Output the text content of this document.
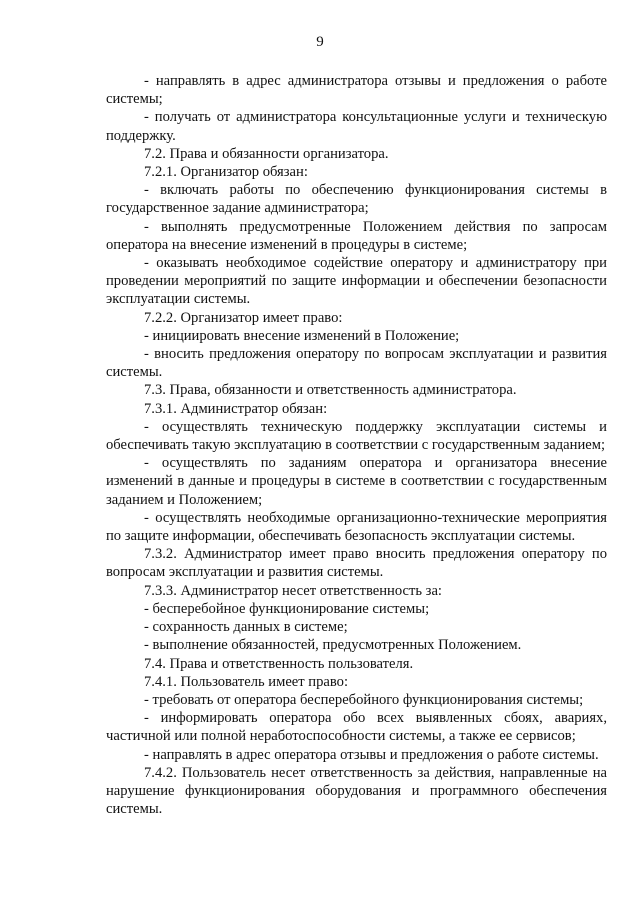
9

- направлять в адрес администратора отзывы и предложения о работе системы;

- получать от администратора консультационные услуги и техническую поддержку.

7.2. Права и обязанности организатора.

7.2.1. Организатор обязан:

- включать работы по обеспечению функционирования системы в государственное задание администратора;

- выполнять предусмотренные Положением действия по запросам оператора на внесение изменений в процедуры в системе;

- оказывать необходимое содействие оператору и администратору при проведении мероприятий по защите информации и обеспечении безопасности эксплуатации системы.

7.2.2. Организатор имеет право:

- инициировать внесение изменений в Положение;

- вносить предложения оператору по вопросам эксплуатации и развития системы.

7.3. Права, обязанности и ответственность администратора.

7.3.1. Администратор обязан:

- осуществлять техническую поддержку эксплуатации системы и обеспечивать такую эксплуатацию в соответствии с государственным заданием;

- осуществлять по заданиям оператора и организатора внесение изменений в данные и процедуры в системе в соответствии с государственным заданием и Положением;

- осуществлять необходимые организационно-технические мероприятия по защите информации, обеспечивать безопасность эксплуатации системы.

7.3.2. Администратор имеет право вносить предложения оператору по вопросам эксплуатации и развития системы.

7.3.3. Администратор несет ответственность за:

- бесперебойное функционирование системы;

- сохранность данных в системе;

- выполнение обязанностей, предусмотренных Положением.

7.4. Права и ответственность пользователя.

7.4.1. Пользователь имеет право:

- требовать от оператора бесперебойного функционирования системы;

- информировать оператора обо всех выявленных сбоях, авариях, частичной или полной неработоспособности системы, а также ее сервисов;

- направлять в адрес оператора отзывы и предложения о работе системы.

7.4.2. Пользователь несет ответственность за действия, направленные на нарушение функционирования оборудования и программного обеспечения системы.
